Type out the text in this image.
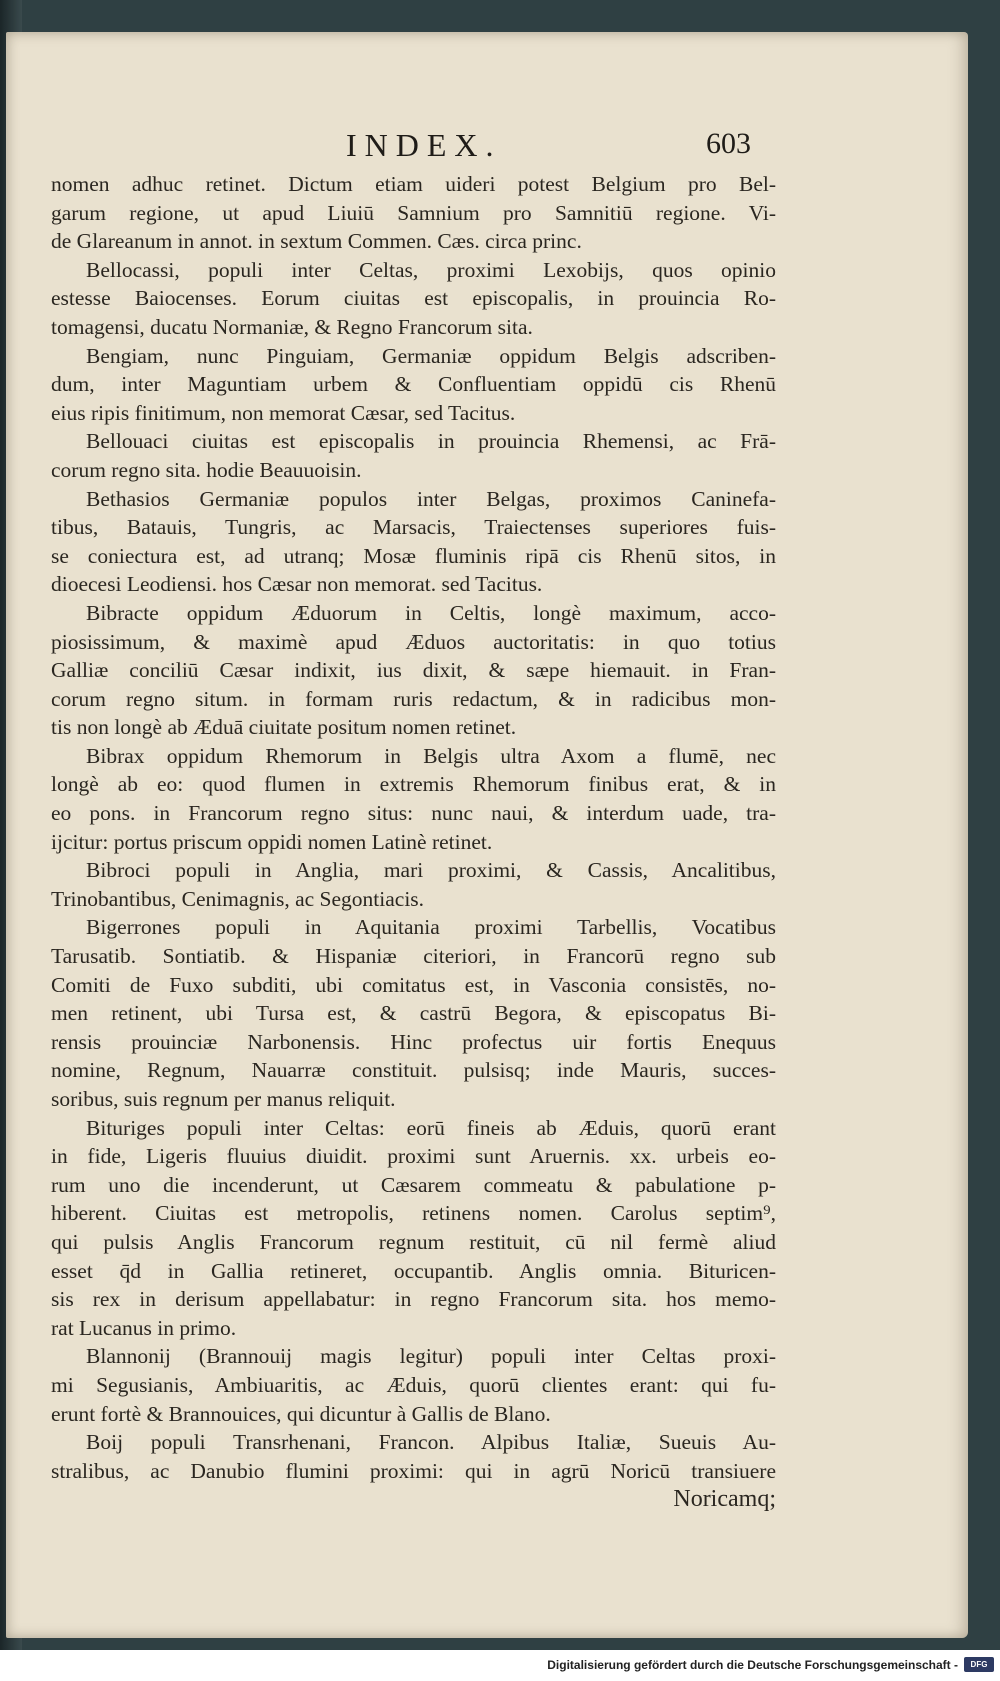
INDEX.	603
nomen adhuc retinet. Dictum etiam uideri potest Belgium pro Bel-
garum regione, ut apud Liuiū Samnium pro Samnitiū regione. Vi-
de Glareanum in annot. in sextum Commen. Cæs. circa princ.
Bellocassi, populi inter Celtas, proximi Lexobijs, quos opinio
estesse Baiocenses. Eorum ciuitas est episcopalis, in prouincia Ro-
tomagensi, ducatu Normaniæ, & Regno Francorum sita.
Bengiam, nunc Pinguiam, Germaniæ oppidum Belgis adscriben-
dum, inter Maguntiam urbem & Confluentiam oppidū cis Rhenū
eius ripis finitimum, non memorat Cæsar, sed Tacitus.
Bellouaci ciuitas est episcopalis in prouincia Rhemensi, ac Frā-
corum regno sita. hodie Beauuoisin.
Bethasios Germaniæ populos inter Belgas, proximos Caninefa-
tibus, Batauis, Tungris, ac Marsacis, Traiectenses superiores fuis-
se coniectura est, ad utranq; Mosæ fluminis ripā cis Rhenū sitos, in
dioecesi Leodiensi. hos Cæsar non memorat. sed Tacitus.
Bibracte oppidum Æduorum in Celtis, longè maximum, acco-
piosissimum, & maximè apud Æduos auctoritatis: in quo totius
Galliæ conciliū Cæsar indixit, ius dixit, & sæpe hiemauit. in Fran-
corum regno situm. in formam ruris redactum, & in radicibus mon-
tis non longè ab Æduā ciuitate positum nomen retinet.
Bibrax oppidum Rhemorum in Belgis ultra Axom a flumē, nec
longè ab eo: quod flumen in extremis Rhemorum finibus erat, & in
eo pons. in Francorum regno situs: nunc naui, & interdum uade, tra-
ijcitur: portus priscum oppidi nomen Latinè retinet.
Bibroci populi in Anglia, mari proximi, & Cassis, Ancalitibus,
Trinobantibus, Cenimagnis, ac Segontiacis.
Bigerrones populi in Aquitania proximi Tarbellis, Vocatibus
Tarusatib. Sontiatib. & Hispaniæ citeriori, in Francorū regno sub
Comiti de Fuxo subditi, ubi comitatus est, in Vasconia consistēs, no-
men retinent, ubi Tursa est, & castrū Begora, & episcopatus Bi-
rensis prouinciæ Narbonensis. Hinc profectus uir fortis Enequus
nomine, Regnum, Nauarræ constituit. pulsisq; inde Mauris, succes-
soribus, suis regnum per manus reliquit.
Bituriges populi inter Celtas: eorū fineis ab Æduis, quorū erant
in fide, Ligeris fluuius diuidit. proximi sunt Aruernis. xx. urbeis eo-
rum uno die incenderunt, ut Cæsarem commeatu & pabulatione p-
hiberent. Ciuitas est metropolis, retinens nomen. Carolus septim⁹,
qui pulsis Anglis Francorum regnum restituit, cū nil fermè aliud
esset q̄d in Gallia retineret, occupantib. Anglis omnia. Bituricen-
sis rex in derisum appellabatur: in regno Francorum sita. hos memo-
rat Lucanus in primo.
Blannonij (Brannouij magis legitur) populi inter Celtas proxi-
mi Segusianis, Ambiuaritis, ac Æduis, quorū clientes erant: qui fu-
erunt fortè & Brannouices, qui dicuntur à Gallis de Blano.
Boij populi Transrhenani, Francon. Alpibus Italiæ, Sueuis Au-
stralibus, ac Danubio flumini proximi: qui in agrū Noricū transiuere
Noricamq;
Digitalisierung gefördert durch die Deutsche Forschungsgemeinschaft -	DFG
